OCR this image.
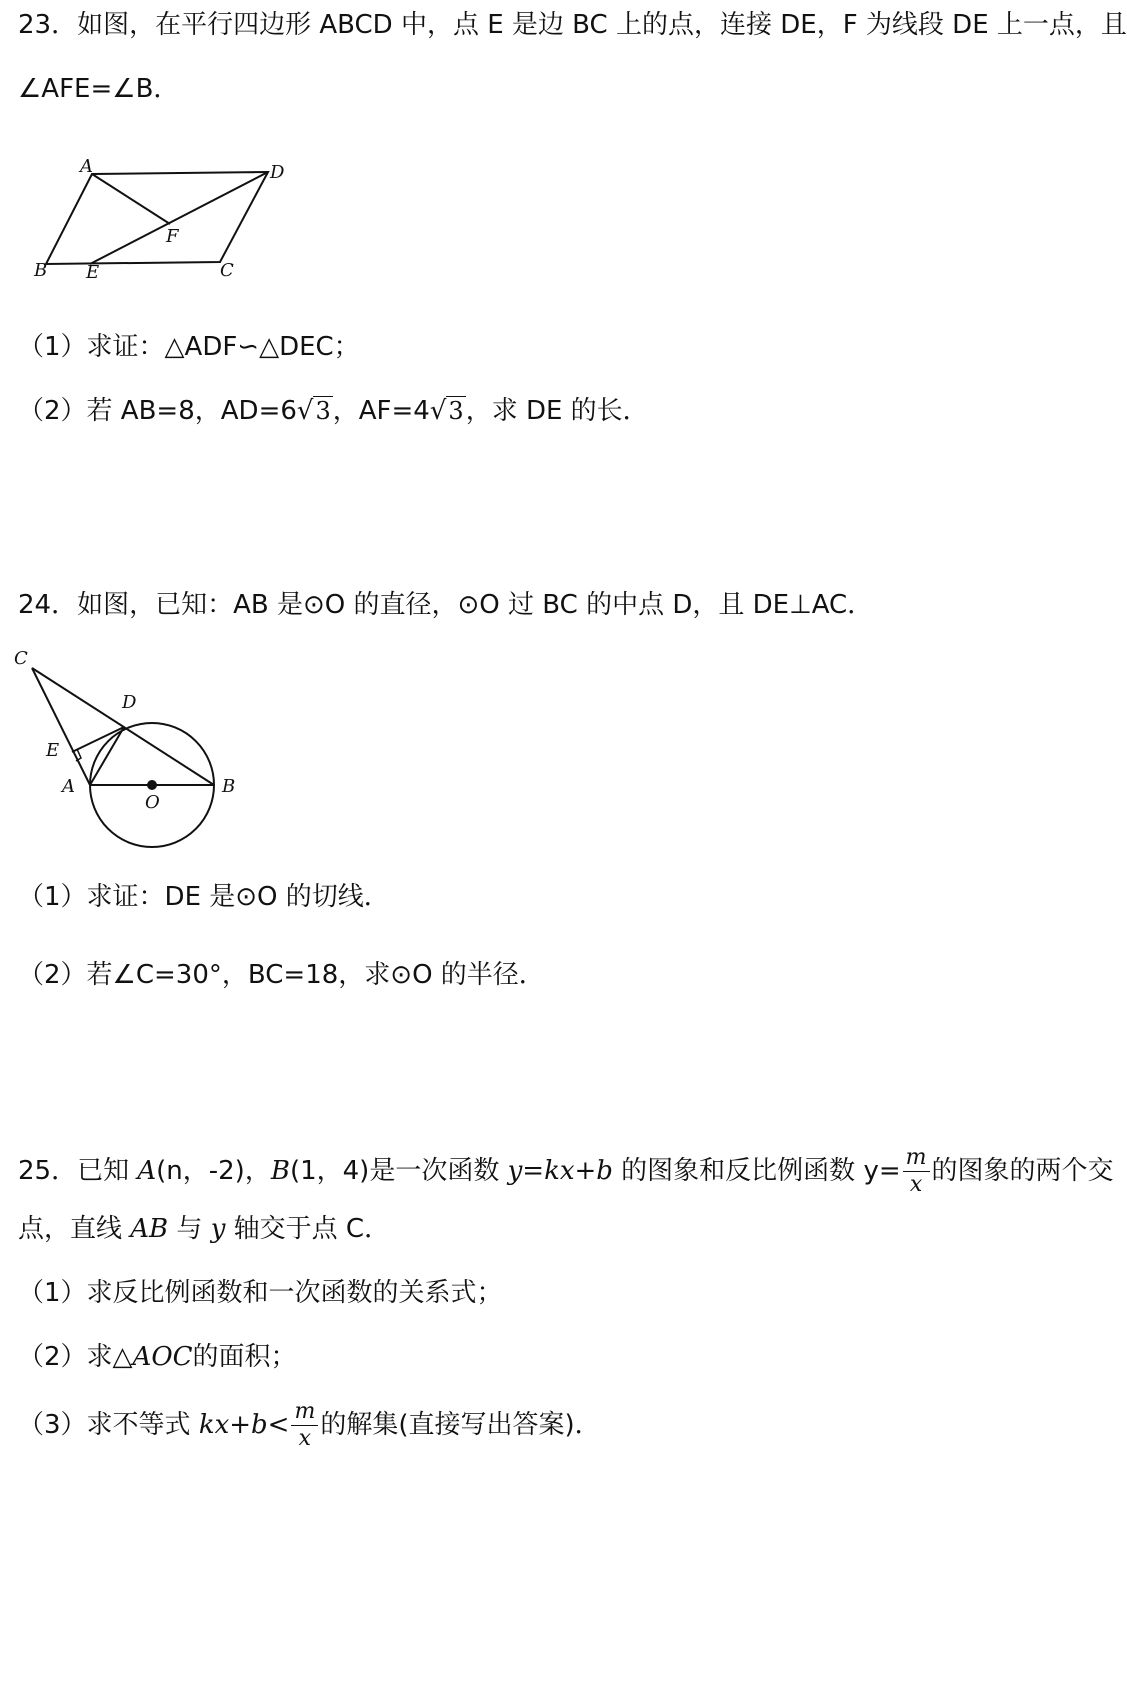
23．如图，在平行四边形 ABCD 中，点 E 是边 BC 上的点，连接 DE，F 为线段 DE 上一点，且
∠AFE=∠B．
A	D
F
B E	C
（1）求证：△ADF∽△DEC；
（2）若 AB=8，AD=6√3，AF=4√3，求 DE 的长．
24．如图，已知：AB 是⊙O 的直径，⊙O 过 BC 的中点 D，且 DE⊥AC．
C
D
E
A
O
B
（1）求证：DE 是⊙O 的切线．
（2）若∠C=30°，BC=18，求⊙O 的半径．
25．已知 A(n，-2)，B(1，4)是一次函数 y=kx+b 的图象和反比例函数 $y= \frac{m}{x}$ 的图象的两个交
点，直线 AB 与 y 轴交于点 C．
（1）求反比例函数和一次函数的关系式；
（2）求△AOC的面积；
（3）求不等式 $kx+b< \frac{m}{x}$ 的解集(直接写出答案)．
